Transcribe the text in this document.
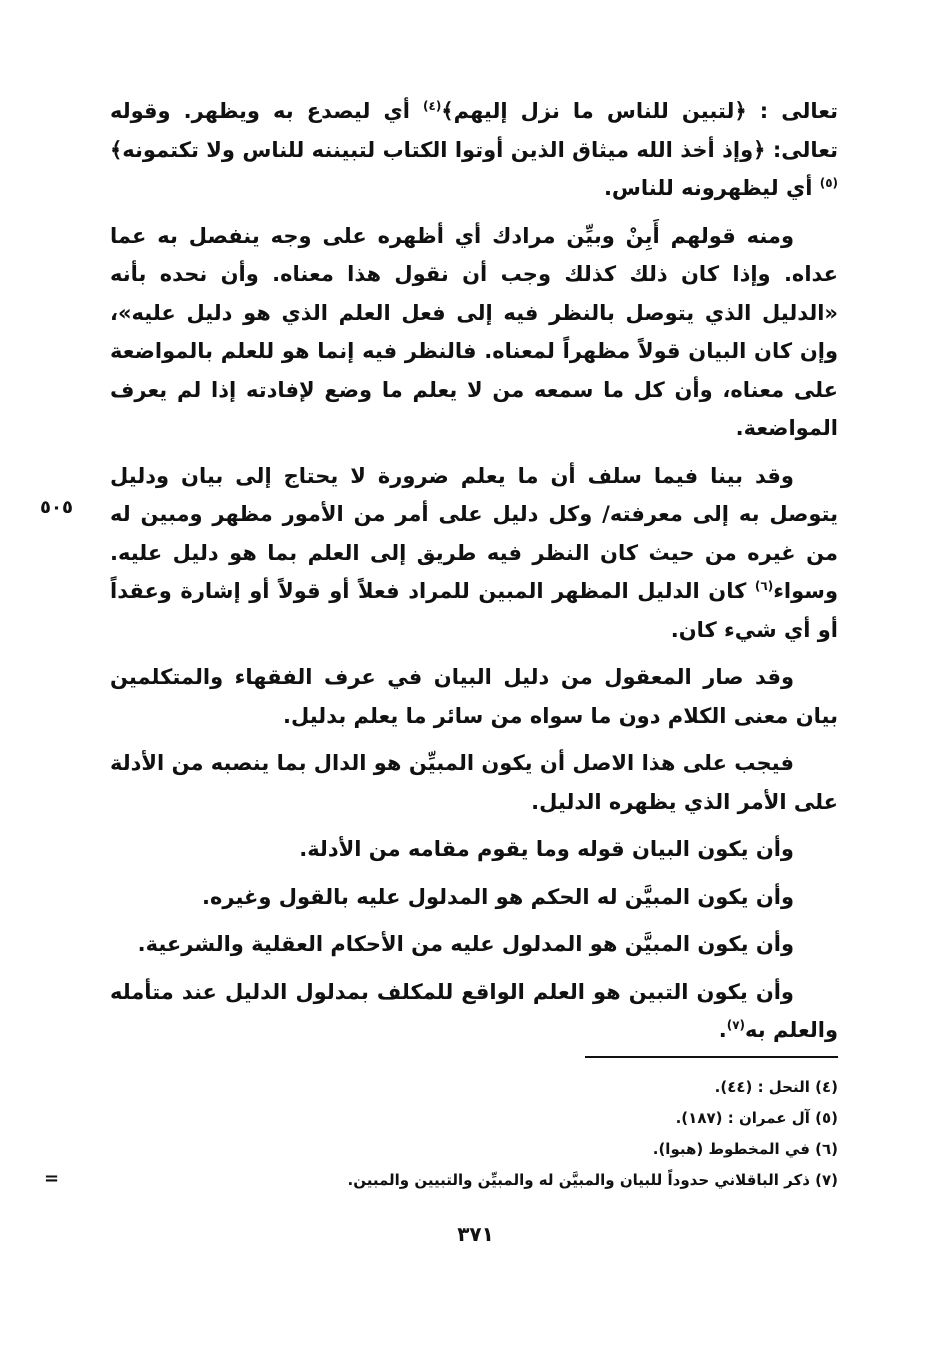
تعالى : ﴿لتبين للناس ما نزل إليهم﴾$^{(٤)}$ أي ليصدع به ويظهر. وقوله تعالى: ﴿وإذ أخذ الله ميثاق الذين أوتوا الكتاب لتبيننه للناس ولا تكتمونه﴾$^{(٥)}$ أي ليظهرونه للناس.

ومنه قولهم أَبِنْ وبيِّن مرادك أي أظهره على وجه ينفصل به عما عداه. وإذا كان ذلك كذلك وجب أن نقول هذا معناه. وأن نحده بأنه «الدليل الذي يتوصل بالنظر فيه إلى فعل العلم الذي هو دليل عليه»، وإن كان البيان قولاً مظهراً لمعناه. فالنظر فيه إنما هو للعلم بالمواضعة على معناه، وأن كل ما سمعه من لا يعلم ما وضع لإفادته إذا لم يعرف المواضعة.

وقد بينا فيما سلف أن ما يعلم ضرورة لا يحتاج إلى بيان ودليل يتوصل به إلى معرفته/ وكل دليل على أمر من الأمور مظهر ومبين له من غيره من حيث كان النظر فيه طريق إلى العلم بما هو دليل عليه. وسواء$^{(٦)}$ كان الدليل المظهر المبين للمراد فعلاً أو قولاً أو إشارة وعقداً أو أي شيء كان.

وقد صار المعقول من دليل البيان في عرف الفقهاء والمتكلمين بيان معنى الكلام دون ما سواه من سائر ما يعلم بدليل.

فيجب على هذا الاصل أن يكون المبيِّن هو الدال بما ينصبه من الأدلة على الأمر الذي يظهره الدليل.

وأن يكون البيان قوله وما يقوم مقامه من الأدلة.

وأن يكون المبيَّن له الحكم هو المدلول عليه بالقول وغيره.

وأن يكون المبيَّن هو المدلول عليه من الأحكام العقلية والشرعية.

وأن يكون التبين هو العلم الواقع للمكلف بمدلول الدليل عند متأمله والعلم به$^{(٧)}$.

٥٠٥
=
(٤) النحل : (٤٤).
(٥) آل عمران : (١٨٧).
(٦) في المخطوط (هبوا).
(٧) ذكر الباقلاني حدوداً للبيان والمبيَّن له والمبيِّن والتبيين والمبين.
٣٧١
